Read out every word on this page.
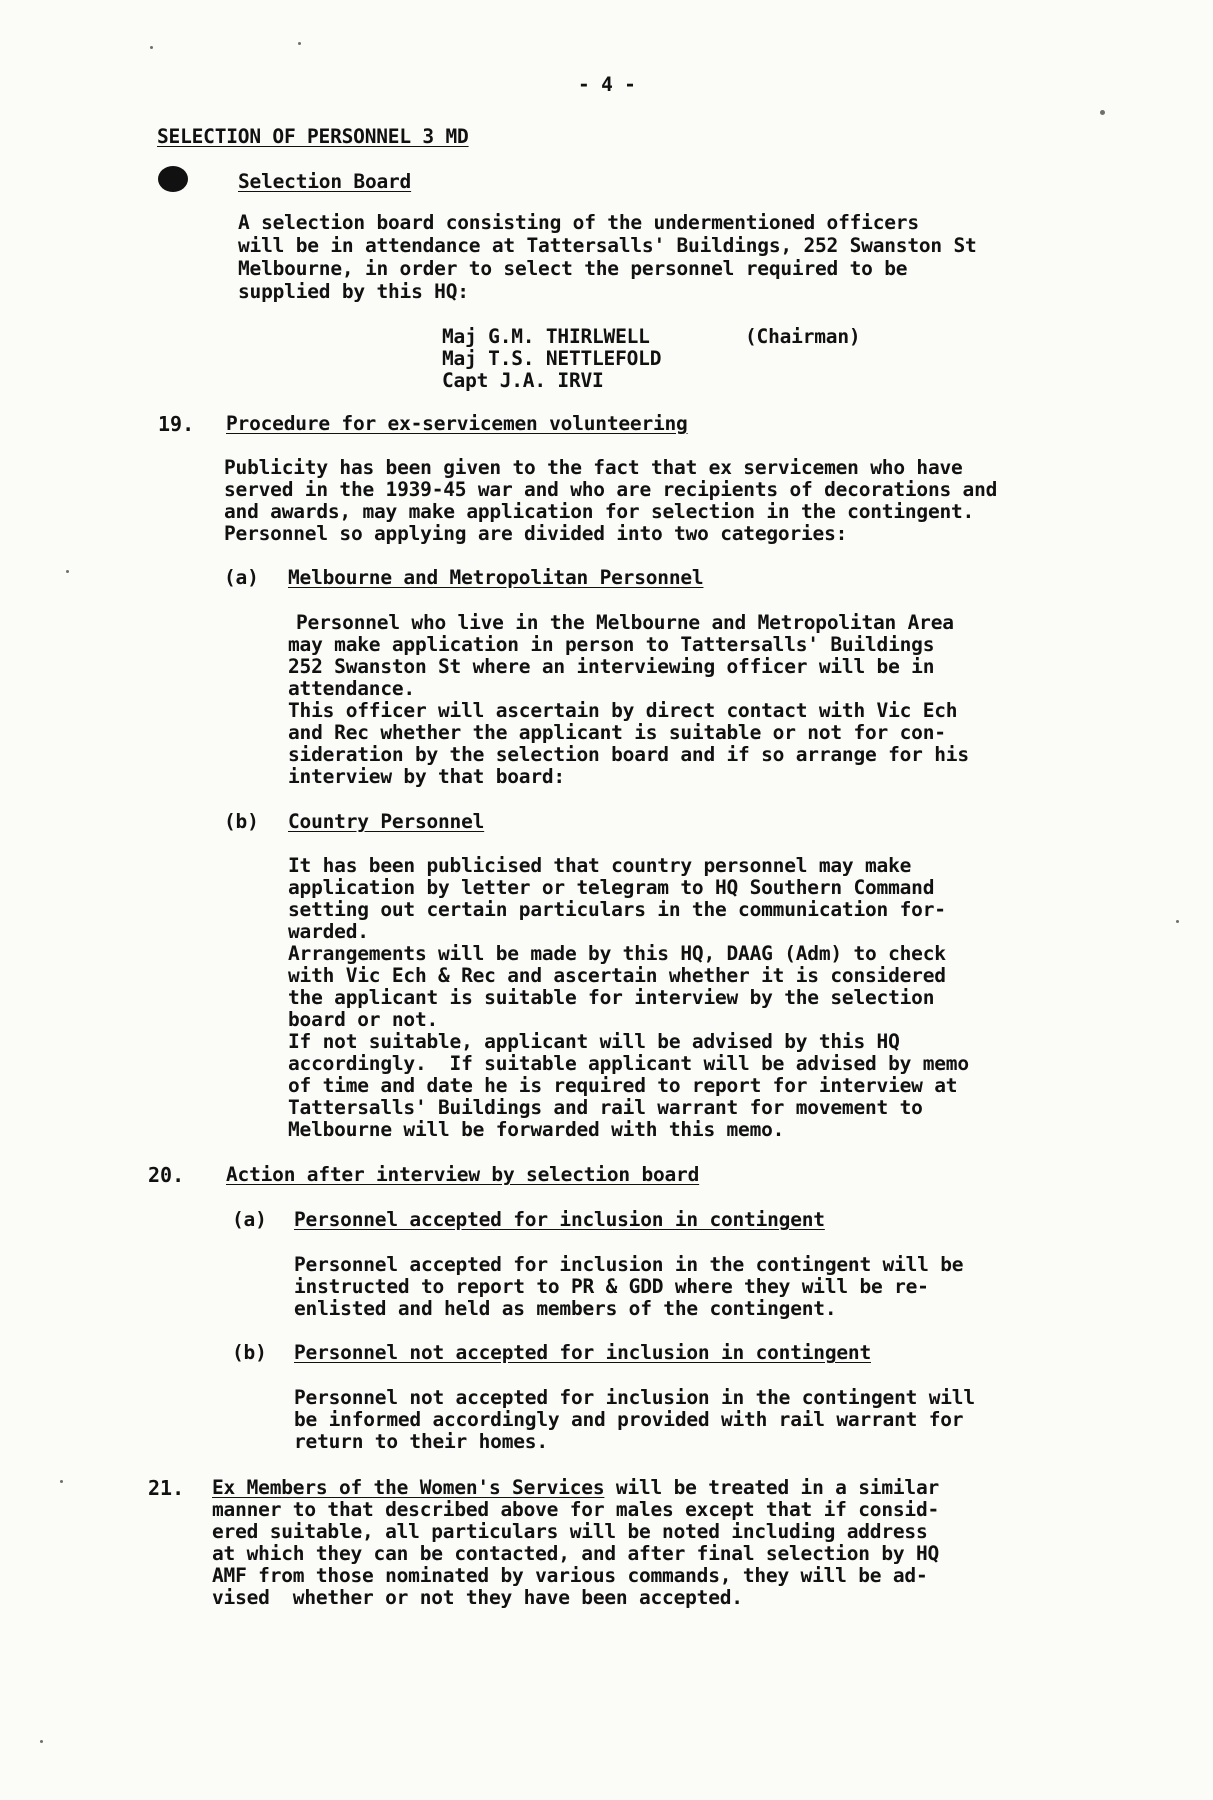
- 4 -
SELECTION OF PERSONNEL 3 MD
Selection Board
A selection board consisting of the undermentioned officers
will be in attendance at Tattersalls' Buildings, 252 Swanston St
Melbourne, in order to select the personnel required to be
supplied by this HQ:
Maj G.M. THIRLWELL	(Chairman)
Maj T.S. NETTLEFOLD
Capt J.A. IRVI
19. Procedure for ex-servicemen volunteering
Publicity has been given to the fact that ex servicemen who have
served in the 1939-45 war and who are recipients of decorations and
and awards, may make application for selection in the contingent.
Personnel so applying are divided into two categories:
(a) Melbourne and Metropolitan Personnel
Personnel who live in the Melbourne and Metropolitan Area
may make application in person to Tattersalls' Buildings
252 Swanston St where an interviewing officer will be in
attendance.
This officer will ascertain by direct contact with Vic Ech
and Rec whether the applicant is suitable or not for con-
sideration by the selection board and if so arrange for his
interview by that board:
(b) Country Personnel
It has been publicised that country personnel may make
application by letter or telegram to HQ Southern Command
setting out certain particulars in the communication for-
warded.
Arrangements will be made by this HQ, DAAG (Adm) to check
with Vic Ech & Rec and ascertain whether it is considered
the applicant is suitable for interview by the selection
board or not.
If not suitable, applicant will be advised by this HQ
accordingly.  If suitable applicant will be advised by memo
of time and date he is required to report for interview at
Tattersalls' Buildings and rail warrant for movement to
Melbourne will be forwarded with this memo.
20. Action after interview by selection board
(a) Personnel accepted for inclusion in contingent
Personnel accepted for inclusion in the contingent will be
instructed to report to PR & GDD where they will be re-
enlisted and held as members of the contingent.
(b) Personnel not accepted for inclusion in contingent
Personnel not accepted for inclusion in the contingent will
be informed accordingly and provided with rail warrant for
return to their homes.
21. Ex Members of the Women's Services will be treated in a similar
manner to that described above for males except that if consid-
ered suitable, all particulars will be noted including address
at which they can be contacted, and after final selection by HQ
AMF from those nominated by various commands, they will be ad-
vised  whether or not they have been accepted.
